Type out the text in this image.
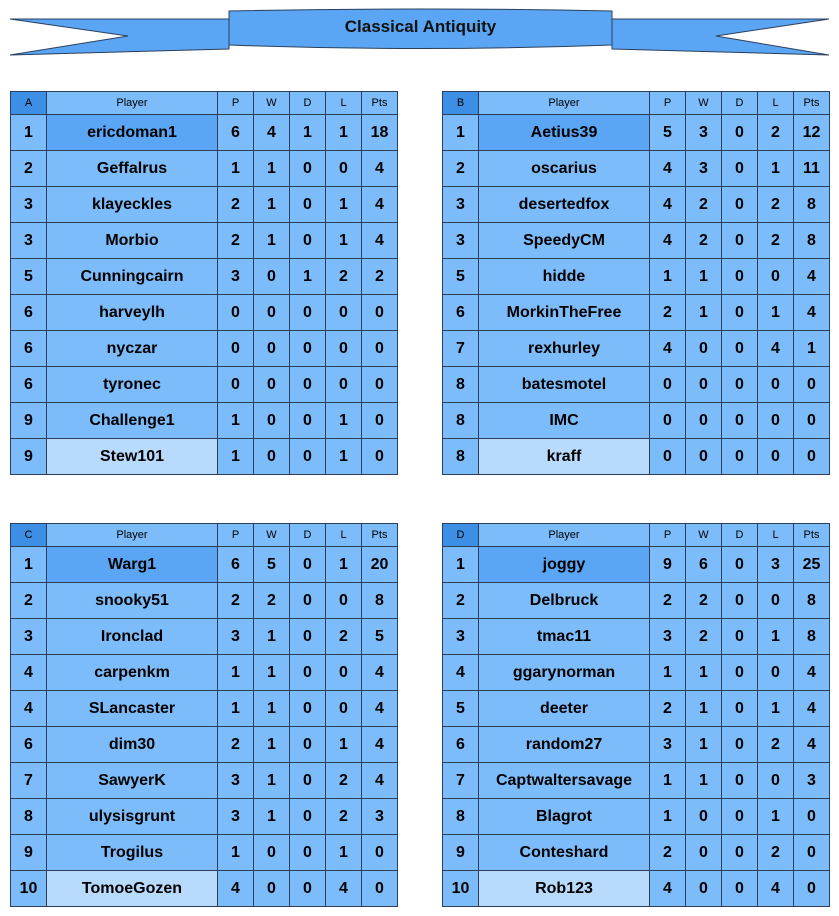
Classical Antiquity
A	Player	P	W	D	L	Pts
1	ericdoman1	6	4	1	1	18
2	Geffalrus	1	1	0	0	4
3	klayeckles	2	1	0	1	4
3	Morbio	2	1	0	1	4
5	Cunningcairn	3	0	1	2	2
6	harveylh	0	0	0	0	0
6	nyczar	0	0	0	0	0
6	tyronec	0	0	0	0	0
9	Challenge1	1	0	0	1	0
9	Stew101	1	0	0	1	0
B	Player	P	W	D	L	Pts
1	Aetius39	5	3	0	2	12
2	oscarius	4	3	0	1	11
3	desertedfox	4	2	0	2	8
3	SpeedyCM	4	2	0	2	8
5	hidde	1	1	0	0	4
6	MorkinTheFree	2	1	0	1	4
7	rexhurley	4	0	0	4	1
8	batesmotel	0	0	0	0	0
8	IMC	0	0	0	0	0
8	kraff	0	0	0	0	0
C	Player	P	W	D	L	Pts
1	Warg1	6	5	0	1	20
2	snooky51	2	2	0	0	8
3	Ironclad	3	1	0	2	5
4	carpenkm	1	1	0	0	4
4	SLancaster	1	1	0	0	4
6	dim30	2	1	0	1	4
7	SawyerK	3	1	0	2	4
8	ulysisgrunt	3	1	0	2	3
9	Trogilus	1	0	0	1	0
10	TomoeGozen	4	0	0	4	0
D	Player	P	W	D	L	Pts
1	joggy	9	6	0	3	25
2	Delbruck	2	2	0	0	8
3	tmac11	3	2	0	1	8
4	ggarynorman	1	1	0	0	4
5	deeter	2	1	0	1	4
6	random27	3	1	0	2	4
7	Captwaltersavage	1	1	0	0	3
8	Blagrot	1	0	0	1	0
9	Conteshard	2	0	0	2	0
10	Rob123	4	0	0	4	0
